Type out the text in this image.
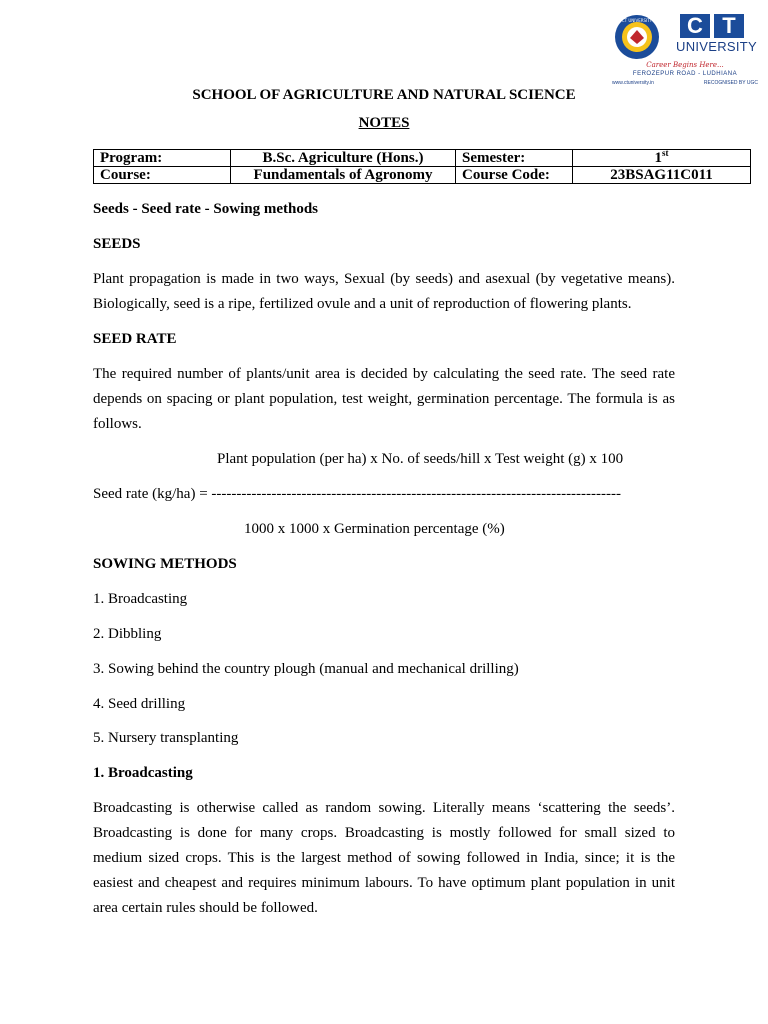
CT UNIVERSITY	C T
UNIVERSITY
Career Begins Here...
FEROZEPUR ROAD - LUDHIANA
www.ctuniversity.in	RECOGNISED BY UGC
SCHOOL OF AGRICULTURE AND NATURAL SCIENCE
NOTES
Program:	B.Sc. Agriculture (Hons.)	Semester:	1st
Course:	Fundamentals of Agronomy	Course Code:	23BSAG11C011
Seeds - Seed rate - Sowing methods
SEEDS
Plant propagation is made in two ways, Sexual (by seeds) and asexual (by vegetative means). Biologically, seed is a ripe, fertilized ovule and a unit of reproduction of flowering plants.
SEED RATE
The required number of plants/unit area is decided by calculating the seed rate. The seed rate depends on spacing or plant population, test weight, germination percentage. The formula is as follows.
Plant population (per ha) x No. of seeds/hill x Test weight (g) x 100
Seed rate (kg/ha) = ----------------------------------------------------------------------------------
1000 x 1000 x Germination percentage (%)
SOWING METHODS
1. Broadcasting
2. Dibbling
3. Sowing behind the country plough (manual and mechanical drilling)
4. Seed drilling
5. Nursery transplanting
1. Broadcasting
Broadcasting is otherwise called as random sowing. Literally means ‘scattering the seeds’. Broadcasting is done for many crops. Broadcasting is mostly followed for small sized to medium sized crops. This is the largest method of sowing followed in India, since; it is the easiest and cheapest and requires minimum labours. To have optimum plant population in unit area certain rules should be followed.
